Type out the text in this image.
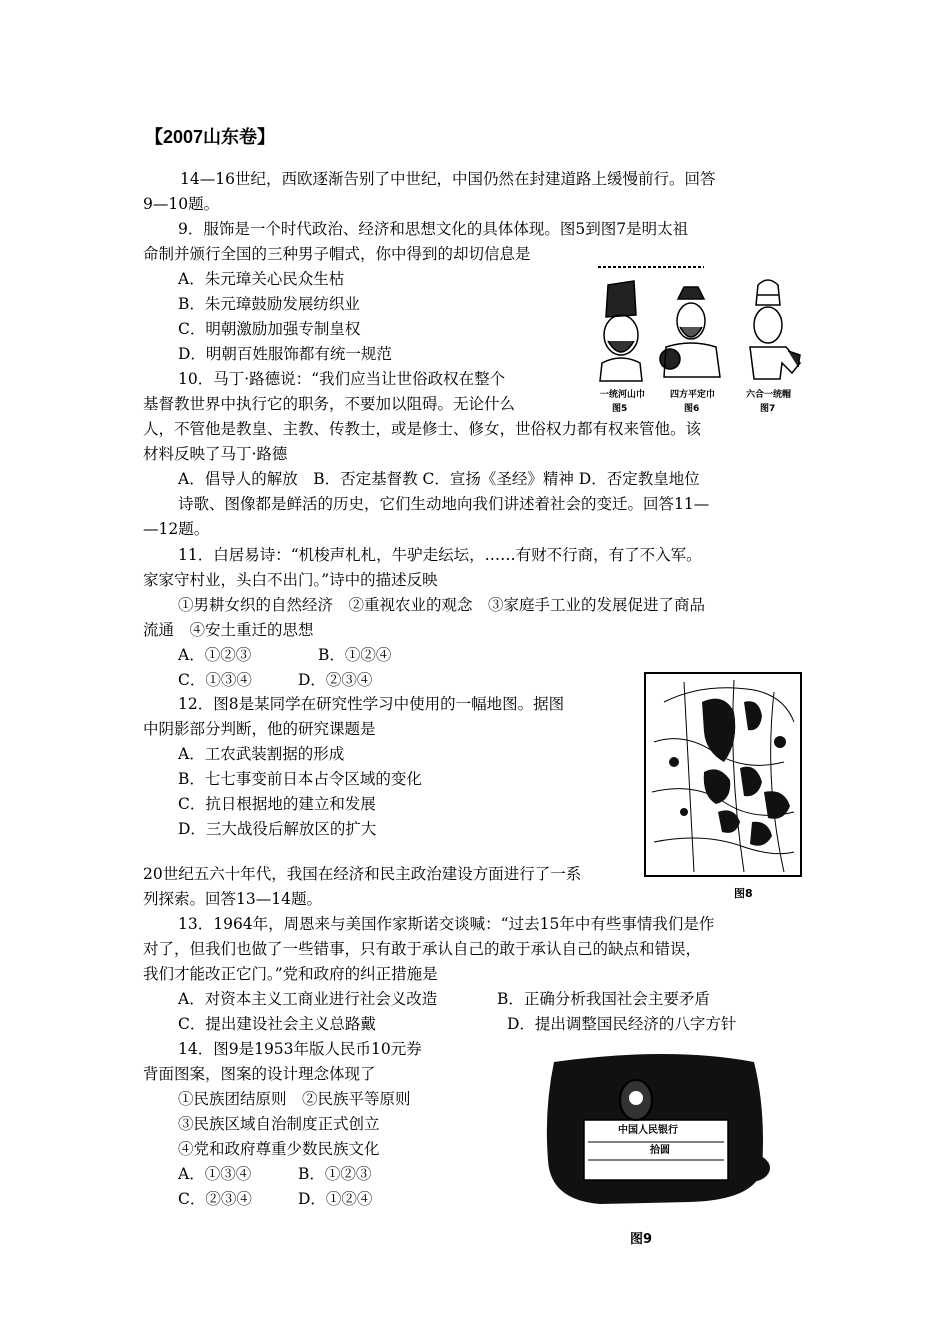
【2007山东卷】
14—16世纪，西欧逐渐告别了中世纪，中国仍然在封建道路上缓慢前行。回答
9—10题。
9．服饰是一个时代政治、经济和思想文化的具体体现。图5到图7是明太祖
命制并颁行全国的三种男子帽式，你中得到的却切信息是
A．朱元璋关心民众生枯
B．朱元璋鼓励发展纺织业
C．明朝激励加强专制皇权
D．明朝百姓服饰都有统一规范
一统河山巾	四方平定巾	六合一统帽
图5	图6	图7
10．马丁·路德说：“我们应当让世俗政权在整个
基督教世界中执行它的职务，不要加以阻碍。无论什么
人，不管他是教皇、主教、传教士，或是修士、修女，世俗权力都有权来管他。该
材料反映了马丁·路德
A．倡导人的解放　B．否定基督教 C．宣扬《圣经》精神 D．否定教皇地位
诗歌、图像都是鲜活的历史，它们生动地向我们讲述着社会的变迁。回答11—
—12题。
11．白居易诗：“机梭声札札，牛驴走纭坛，……有财不行商，有了不入军。
家家守村业，头白不出门。”诗中的描述反映
①男耕女织的自然经济　②重视农业的观念　③家庭手工业的发展促进了商品
流通　④安土重迁的思想
A．①②③	B．①②④
C．①③④	D．②③④
12．图8是某同学在研究性学习中使用的一幅地图。据图
中阴影部分判断，他的研究课题是
A．工农武装割据的形成
B．七七事变前日本占令区域的变化
C．抗日根据地的建立和发展
D．三大战役后解放区的扩大
图8
20世纪五六十年代，我国在经济和民主政治建设方面进行了一系
列探索。回答13—14题。
13．1964年，周恩来与美国作家斯诺交谈喊：“过去15年中有些事情我们是作
对了，但我们也做了一些错事，只有敢于承认自己的敢于承认自己的缺点和错误，
我们才能改正它门。”党和政府的纠正措施是
A．对资本主义工商业进行社会义改造	B．正确分析我国社会主要矛盾
C．提出建设社会主义总路戴	D．提出调整国民经济的八字方针
14．图9是1953年版人民币10元券
背面图案，图案的设计理念体现了
①民族团结原则　②民族平等原则
③民族区域自治制度正式创立
④党和政府尊重少数民族文化
A．①③④	B．①②③
C．②③④	D．①②④
中国人民银行
拾圆
图9
